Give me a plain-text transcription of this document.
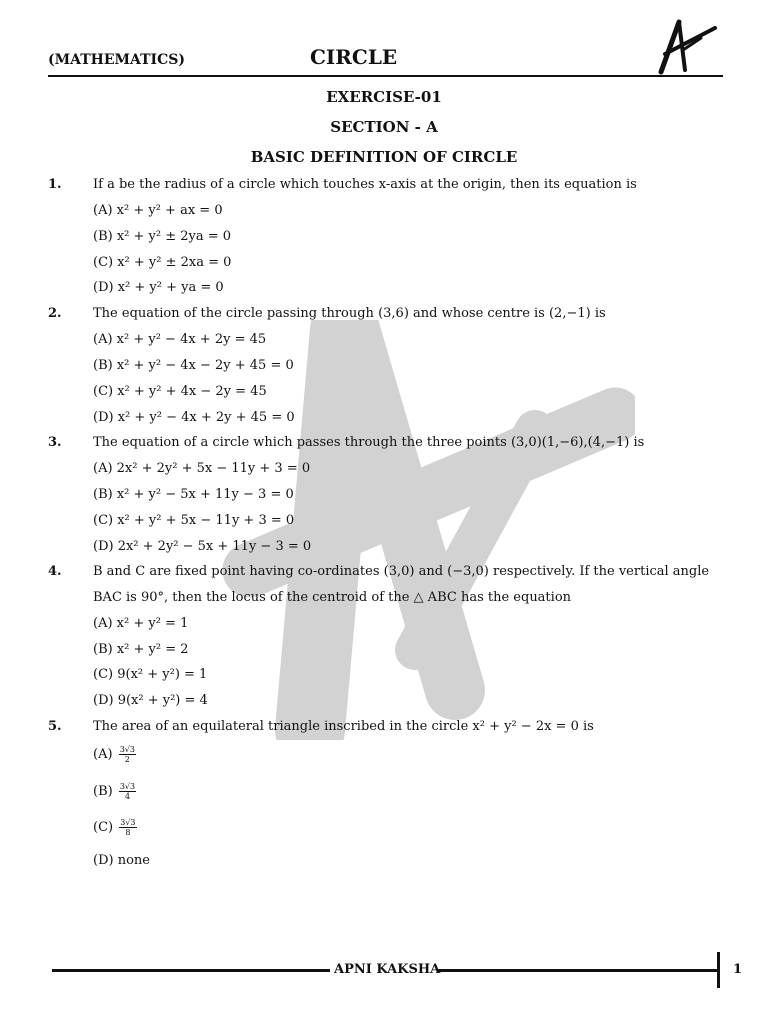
(MATHEMATICS)	CIRCLE
EXERCISE-01
SECTION - A
BASIC DEFINITION OF CIRCLE
1. If a be the radius of a circle which touches x-axis at the origin, then its equation is
(A) x² + y² + ax = 0
(B) x² + y² ± 2ya = 0
(C) x² + y² ± 2xa = 0
(D) x² + y² + ya = 0
2. The equation of the circle passing through (3,6) and whose centre is (2,−1) is
(A) x² + y² − 4x + 2y = 45
(B) x² + y² − 4x − 2y + 45 = 0
(C) x² + y² + 4x − 2y = 45
(D) x² + y² − 4x + 2y + 45 = 0
3. The equation of a circle which passes through the three points (3,0)(1,−6),(4,−1) is
(A) 2x² + 2y² + 5x − 11y + 3 = 0
(B) x² + y² − 5x + 11y − 3 = 0
(C) x² + y² + 5x − 11y + 3 = 0
(D) 2x² + 2y² − 5x + 11y − 3 = 0
4. B and C are fixed point having co-ordinates (3,0) and (−3,0) respectively. If the vertical angle
BAC is 90°, then the locus of the centroid of the △ ABC has the equation
(A) x² + y² = 1
(B) x² + y² = 2
(C) 9(x² + y²) = 1
(D) 9(x² + y²) = 4
5. The area of an equilateral triangle inscribed in the circle x² + y² − 2x = 0 is
$(A) \frac{3√3}{2}$
$(B) \frac{3√3}{4}$
$(C) \frac{3√3}{8}$
(D) none
APNI KAKSHA	1
